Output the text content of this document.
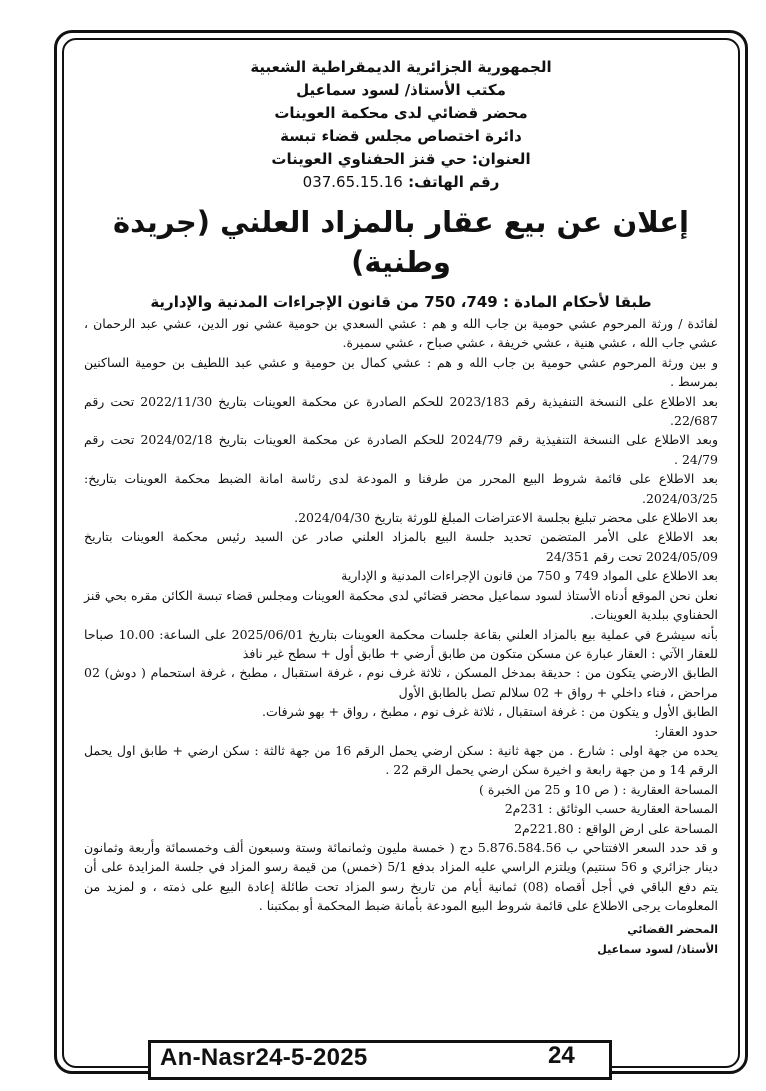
الجمهورية الجزائرية الديمقراطية الشعبية
مكتب الأستاذ/ لسود سماعيل
محضر قضائي لدى محكمة العوينات
دائرة اختصاص مجلس قضاء تبسة
العنوان: حي قنز الحفناوي العوينات
رقم الهاتف: 037.65.15.16
إعلان عن بيع عقار بالمزاد العلني (جريدة وطنية)
طبقا لأحكام المادة : 749، 750 من قانون الإجراءات المدنية والإدارية

لفائدة / ورثة المرحوم عشي حومية بن جاب الله و هم : عشي السعدي بن حومية عشي نور الدين، عشي عبد الرحمان ، عشي جاب الله ، عشي هنية ، عشي خريفة ، عشي صباح ، عشي سميرة.

و بين ورثة المرحوم عشي حومية بن جاب الله و هم : عشي كمال بن حومية و عشي عبد اللطيف بن حومية الساكنين بمرسط .

بعد الاطلاع على النسخة التنفيذية رقم 2023/183 للحكم الصادرة عن محكمة العوينات بتاريخ 2022/11/30 تحت رقم 22/687.

وبعد الاطلاع على النسخة التنفيذية رقم 2024/79 للحكم الصادرة عن محكمة العوينات بتاريخ 2024/02/18 تحت رقم 24/79 .

بعد الاطلاع على قائمة شروط البيع المحرر من طرفنا و المودعة لدى رئاسة امانة الضبط محكمة العوينات بتاريخ: 2024/03/25.

بعد الاطلاع على محضر تبليغ بجلسة الاعتراضات المبلغ للورثة بتاريخ 2024/04/30.

بعد الاطلاع على الأمر المتضمن تحديد جلسة البيع بالمزاد العلني صادر عن السيد رئيس محكمة العوينات بتاريخ 2024/05/09 تحت رقم 24/351

بعد الاطلاع على المواد 749 و 750 من قانون الإجراءات المدنية و الإدارية

نعلن نحن الموقع أدناه الأستاذ لسود سماعيل محضر قضائي لدى محكمة العوينات ومجلس قضاء تبسة الكائن مقره بحي قنز الحفناوي ببلدية العوينات.

بأنه سيشرع في عملية بيع بالمزاد العلني بقاعة جلسات محكمة العوينات بتاريخ 2025/06/01 على الساعة: 10.00 صباحا للعقار الآتي : العقار عبارة عن مسكن متكون من طابق أرضي + طابق أول + سطح غير نافذ

الطابق الارضي يتكون من : حديقة بمدخل المسكن ، ثلاثة غرف نوم ، غرفة استقبال ، مطبخ ، غرفة استحمام ( دوش) 02 مراحض ، فناء داخلي + رواق + 02 سلالم تصل بالطابق الأول

الطابق الأول و يتكون من : غرفة استقبال ، ثلاثة غرف نوم ، مطبخ ، رواق + بهو شرفات.

حدود العقار:

يحده من جهة اولى : شارع . من جهة ثانية : سكن ارضي يحمل الرقم 16 من جهة ثالثة : سكن ارضي + طابق اول يحمل الرقم 14 و من جهة رابعة و اخيرة سكن ارضي يحمل الرقم 22 .

المساحة العقارية : ( ص 10 و 25 من الخبرة )

المساحة العقارية حسب الوثائق : 231م2

المساحة على ارض الواقع : 221.80م2

و قد حدد السعر الافتتاحي ب 5.876.584.56 دج ( خمسة مليون وثمانمائة وستة وسبعون ألف وخمسمائة وأربعة وثمانون دينار جزائري و 56 سنتيم) ويلتزم الراسي عليه المزاد بدفع 5/1 (خمس) من قيمة رسو المزاد في جلسة المزايدة على أن يتم دفع الباقي في أجل أقصاه (08) ثمانية أيام من تاريخ رسو المزاد تحت طائلة إعادة البيع على ذمته ، و لمزيد من المعلومات يرجى الاطلاع على قائمة شروط البيع المودعة بأمانة ضبط المحكمة أو بمكتبنا .

المحضر القضائي
الأستاذ/ لسود سماعيل
An-Nasr24-5-2025	24
